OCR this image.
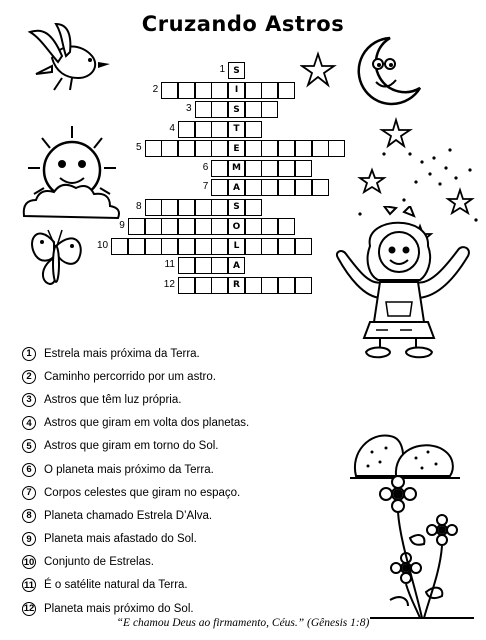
Cruzando Astros
1 S
2	I
3	S
4	T
5	E
6	M
7	A
8	S
9	O
10	L
11	A
12	R
1	Estrela mais próxima da Terra.
2	Caminho percorrido por um astro.
3	Astros que têm luz própria.
4	Astros que giram em volta dos planetas.
5	Astros que giram em torno do Sol.
6	O planeta mais próximo da Terra.
7	Corpos celestes que giram no espaço.
8	Planeta chamado Estrela D’Alva.
9	Planeta mais afastado do Sol.
10 Conjunto de Estrelas.
11 É o satélite natural da Terra.
12 Planeta mais próximo do Sol.
“E chamou Deus ao firmamento, Céus.” (Gênesis 1:8)
